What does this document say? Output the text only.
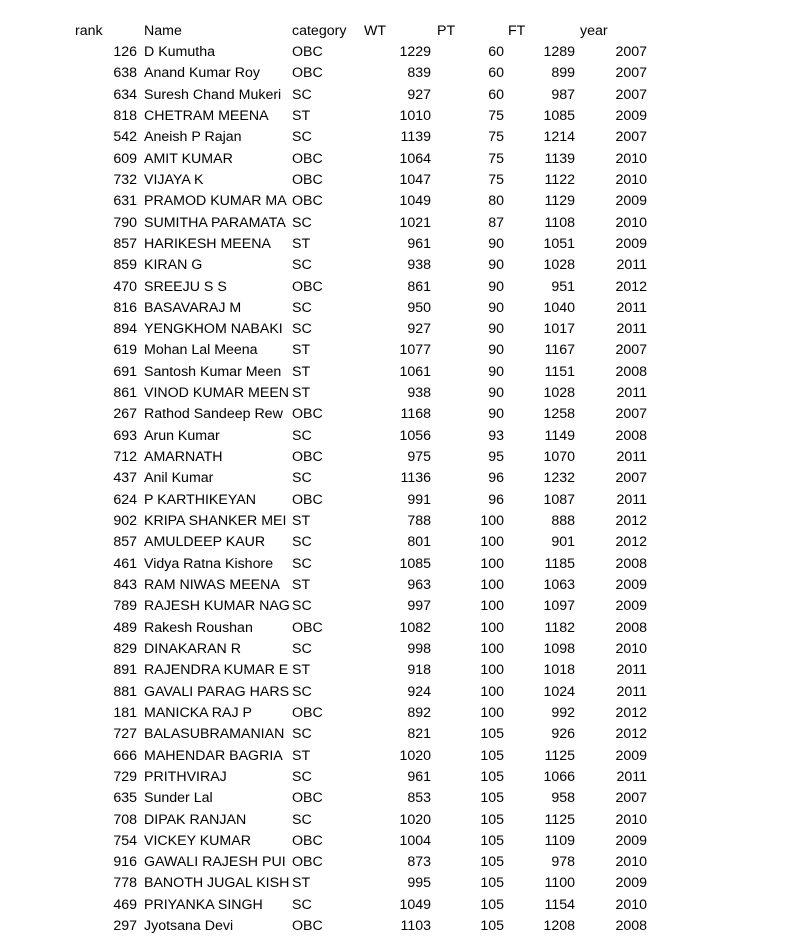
rank	Name	category	WT	PT	FT	year
126 D Kumutha	OBC	1229	60	1289	2007
638 Anand Kumar Roy	OBC	839	60	899	2007
634 Suresh Chand Mukeri SC	927	60	987	2007
818 CHETRAM MEENA	ST	1010	75	1085	2009
542 Aneish P Rajan	SC	1139	75	1214	2007
609 AMIT KUMAR	OBC	1064	75	1139	2010
732 VIJAYA K	OBC	1047	75	1122	2010
631 PRAMOD KUMAR MA OBC	1049	80	1129	2009
790 SUMITHA PARAMATA SC	1021	87	1108	2010
857 HARIKESH MEENA	ST	961	90	1051	2009
859 KIRAN G	SC	938	90	1028	2011
470 SREEJU S S	OBC	861	90	951	2012
816 BASAVARAJ M	SC	950	90	1040	2011
894 YENGKHOM NABAKI SC	927	90	1017	2011
619 Mohan Lal Meena	ST	1077	90	1167	2007
691 Santosh Kumar Meen ST	1061	90	1151	2008
861 VINOD KUMAR MEEN ST	938	90	1028	2011
267 Rathod Sandeep Rew OBC	1168	90	1258	2007
693 Arun Kumar	SC	1056	93	1149	2008
712 AMARNATH	OBC	975	95	1070	2011
437 Anil Kumar	SC	1136	96	1232	2007
624 P KARTHIKEYAN	OBC	991	96	1087	2011
902 KRIPA SHANKER MEI ST	788	100	888	2012
857 AMULDEEP KAUR	SC	801	100	901	2012
461 Vidya Ratna Kishore	SC	1085	100	1185	2008
843 RAM NIWAS MEENA ST	963	100	1063	2009
789 RAJESH KUMAR NAG SC	997	100	1097	2009
489 Rakesh Roushan	OBC	1082	100	1182	2008
829 DINAKARAN R	SC	998	100	1098	2010
891 RAJENDRA KUMAR E ST	918	100	1018	2011
881 GAVALI PARAG HARS SC	924	100	1024	2011
181 MANICKA RAJ P	OBC	892	100	992	2012
727 BALASUBRAMANIAN SC	821	105	926	2012
666 MAHENDAR BAGRIA ST	1020	105	1125	2009
729 PRITHVIRAJ	SC	961	105	1066	2011
635 Sunder Lal	OBC	853	105	958	2007
708 DIPAK RANJAN	SC	1020	105	1125	2010
754 VICKEY KUMAR	OBC	1004	105	1109	2009
916 GAWALI RAJESH PUI OBC	873	105	978	2010
778 BANOTH JUGAL KISH ST	995	105	1100	2009
469 PRIYANKA SINGH	SC	1049	105	1154	2010
297 Jyotsana Devi	OBC	1103	105	1208	2008
